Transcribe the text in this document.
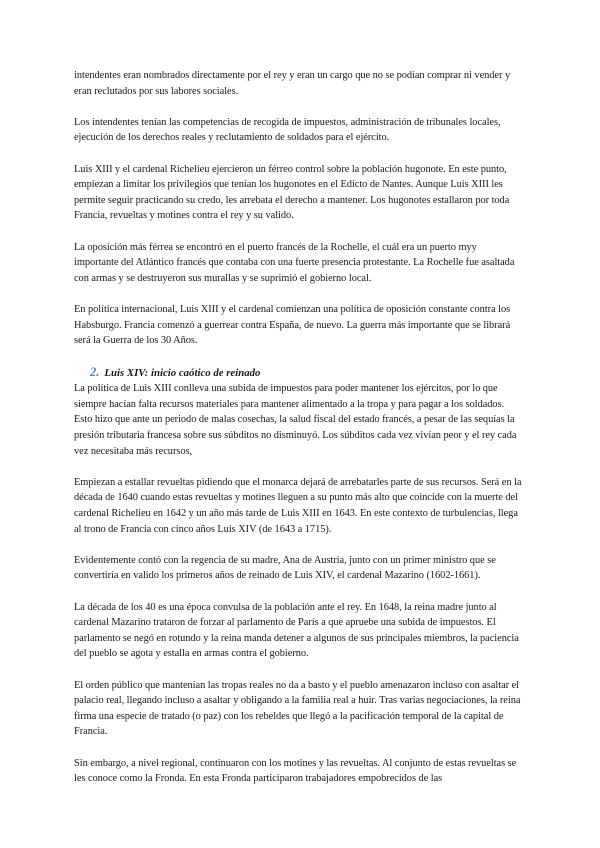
intendentes eran nombrados directamente por el rey y eran un cargo que no se podían comprar ni vender y eran reclutados por sus labores sociales.

Los intendentes tenían las competencias de recogida de impuestos, administración de tribunales locales, ejecución de los derechos reales y reclutamiento de soldados para el ejército.

Luis XIII y el cardenal Richelieu ejercieron un férreo control sobre la población hugonote. En este punto, empiezan a limitar los privilegios que tenían los hugonotes en el Edicto de Nantes. Aunque Luis XIII les permite seguir practicando su credo, les arrebata el derecho a mantener. Los hugonotes estallaron por toda Francia, revueltas y motines contra el rey y su valido.

La oposición más férrea se encontró en el puerto francés de la Rochelle, el cuál era un puerto myy importante del Atlántico francés que contaba con una fuerte presencia protestante. La Rochelle fue asaltada con armas y se destruyeron sus murallas y se suprimió el gobierno local.

En política internacional, Luis XIII y el cardenal comienzan una política de oposición constante contra los Habsburgo. Francia comenzó a guerrear contra España, de nuevo. La guerra más importante que se librará será la Guerra de los 30 Años.

2. Luis XIV: inicio caótico de reinado

La política de Luis XIII conlleva una subida de impuestos para poder mantener los ejércitos, por lo que siempre hacían falta recursos materiales para mantener alimentado a la tropa y para pagar a los soldados. Esto hizo que ante un periodo de malas cosechas, la salud fiscal del estado francés, a pesar de las sequías la presión tributaria francesa sobre sus súbditos no disminuyó. Los súbditos cada vez vivían peor y el rey cada vez necesitaba más recursos,

Empiezan a estallar revueltas pidiendo que el monarca dejará de arrebatarles parte de sus recursos. Será en la década de 1640 cuando estas revueltas y motines lleguen a su punto más alto que coincide con la muerte del cardenal Richelieu en 1642 y un año más tarde de Luis XIII en 1643. En este contexto de turbulencias, llega al trono de Francia con cinco años Luis XIV (de 1643 a 1715).

Evidentemente contó con la regencia de su madre, Ana de Austria, junto con un primer ministro que se convertiría en valido los primeros años de reinado de Luis XIV, el cardenal Mazarino (1602-1661).

La década de los 40 es una época convulsa de la población ante el rey. En 1648, la reina madre junto al cardenal Mazarino trataron de forzar al parlamento de París a que apruebe una subida de impuestos. El parlamento se negó en rotundo y la reina manda detener a algunos de sus principales miembros, la paciencia del pueblo se agota y estalla en armas contra el gobierno.

El orden público que mantenían las tropas reales no da a basto y el pueblo amenazaron incluso con asaltar el palacio real, llegando incluso a asaltar y obligando a la familia real a huir. Tras varias negociaciones, la reina firma una especie de tratado (o paz) con los rebeldes que llegó a la pacificación temporal de la capital de Francia.

Sin embargo, a nivel regional, continuaron con los motines y las revueltas. Al conjunto de estas revueltas se les conoce como la Fronda. En esta Fronda participaron trabajadores empobrecidos de las
